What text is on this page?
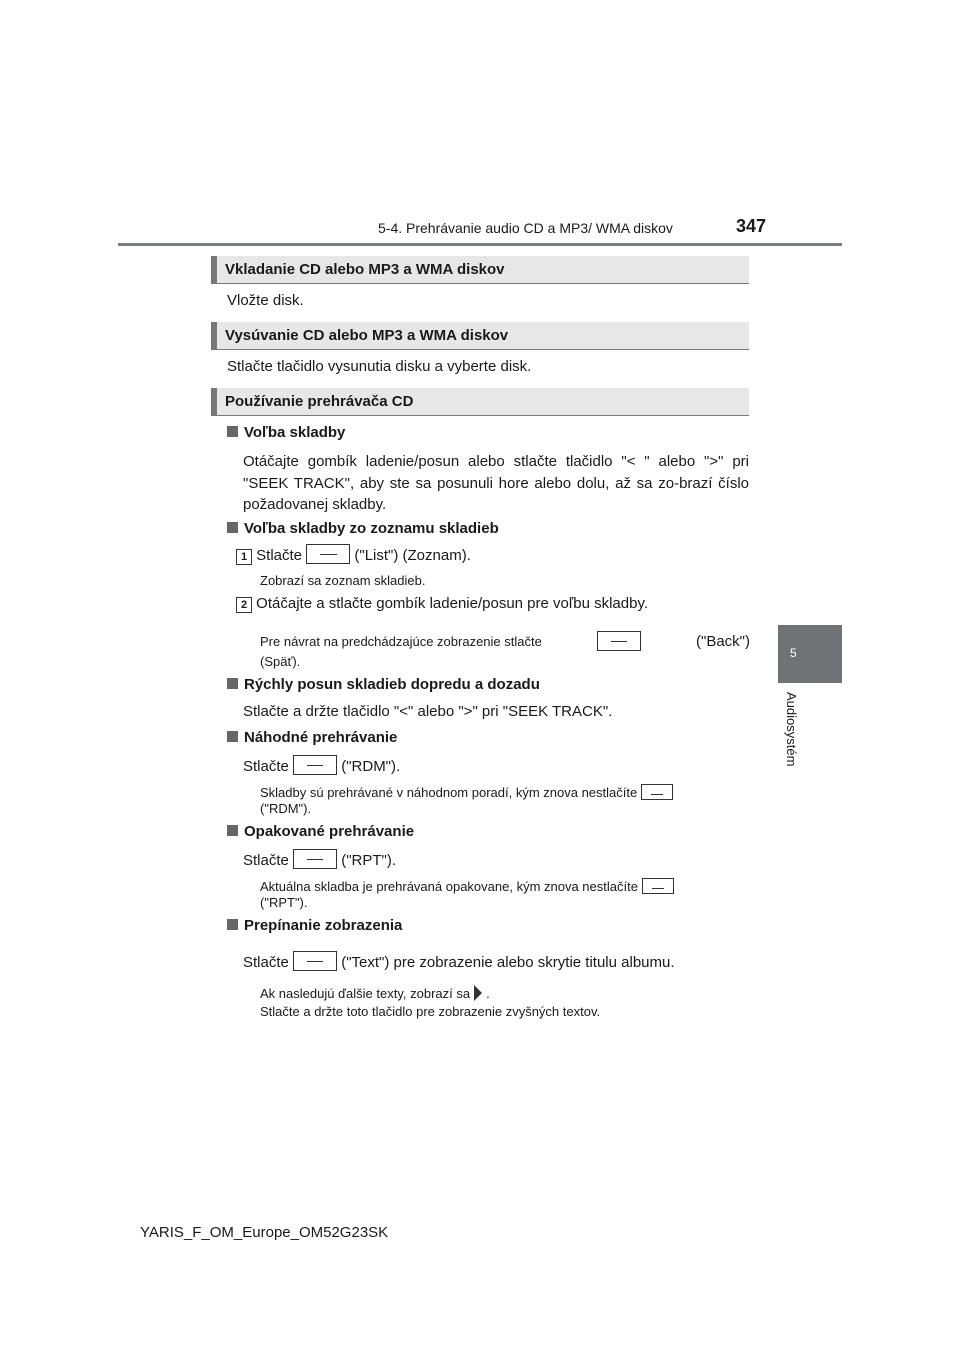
5-4. Prehrávanie audio CD a MP3/ WMA diskov	347
5
Audiosystém
Vkladanie CD alebo MP3 a WMA diskov
Vložte disk.
Vysúvanie CD alebo MP3 a WMA diskov
Stlačte tlačidlo vysunutia disku a vyberte disk.
Používanie prehrávača CD
Voľba skladby
Otáčajte gombík ladenie/posun alebo stlačte tlačidlo "< " alebo ">" pri "SEEK TRACK", aby ste sa posunuli hore alebo dolu, až sa zo-brazí číslo požadovanej skladby.
Voľba skladby zo zoznamu skladieb
1 Stlačte	("List") (Zoznam).
Zobrazí sa zoznam skladieb.
2 Otáčajte a stlačte gombík ladenie/posun pre voľbu skladby.
Pre návrat na predchádzajúce zobrazenie stlačte	("Back")
(Späť).
Rýchly posun skladieb dopredu a dozadu
Stlačte a držte tlačidlo "<" alebo ">" pri "SEEK TRACK".
Náhodné prehrávanie
Stlačte	("RDM").
Skladby sú prehrávané v náhodnom poradí, kým znova nestlačíte
("RDM").
Opakované prehrávanie
Stlačte	("RPT").
Aktuálna skladba je prehrávaná opakovane, kým znova nestlačíte
("RPT").
Prepínanie zobrazenia
Stlačte	("Text") pre zobrazenie alebo skrytie titulu albumu.
Ak nasledujú ďalšie texty, zobrazí sa .
Stlačte a držte toto tlačidlo pre zobrazenie zvyšných textov.
YARIS_F_OM_Europe_OM52G23SK
